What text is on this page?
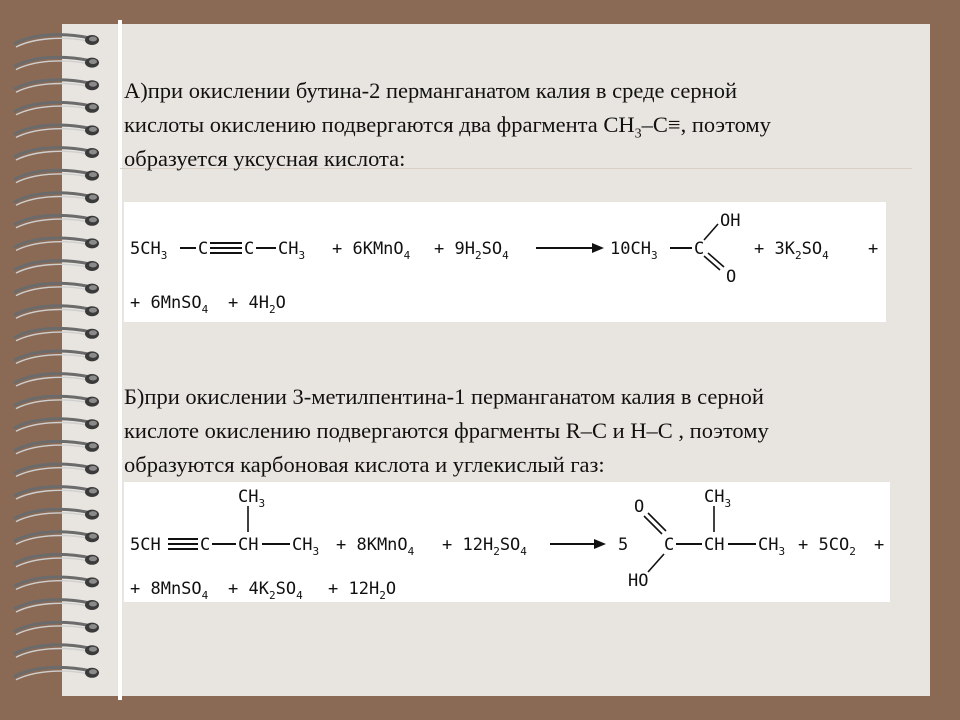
А)при окислении бутина-2 перманганатом калия в среде серной
кислоты окислению подвергаются два фрагмента $CH_3-С\equiv$, поэтому
образуется уксусная кислота:
$5CH_3$ C C $CH_3$ + 6KMnO$_4$ + $9H_2SO_4$	$10CH_3$ C
OH
O
+ $3K_2SO_4$ +
+ 6MnSO$_4$ + $4H_2O$
Б)при окислении 3-метилпентина-1 перманганатом калия в серной
кислоте окислению подвергаются фрагменты R–C и H–C , поэтому
образуются карбоновая кислота и углекислый газ:
5CH C CH
$CH_3$
$CH_3$ + 8KMnO$_4$ + $12H_2SO_4$	5
O
C
HO
CH
$CH_3$
$CH_3 + 5CO_2$ +
+ 8MnSO$_4$ + $4K_2SO_4 + 12H_2O$
